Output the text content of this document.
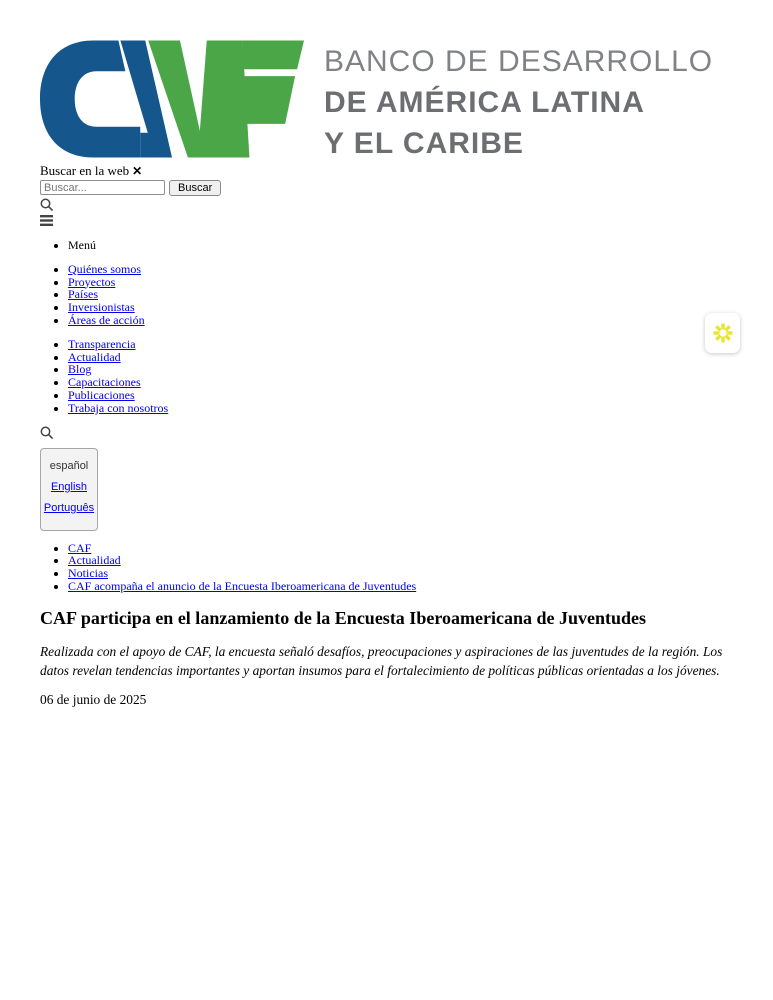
BANCO DE DESARROLLO
DE AMÉRICA LATINA
Y EL CARIBE
Buscar en la web ✕
Buscar...
Buscar
• Menú
• Quiénes somos
• Proyectos
• Países
• Inversionistas
• Áreas de acción
• Transparencia
• Actualidad
• Blog
• Capacitaciones
• Publicaciones
• Trabaja con nosotros
español
English
Português
• CAF
• Actualidad
• Noticias
• CAF acompaña el anuncio de la Encuesta Iberoamericana de Juventudes
CAF participa en el lanzamiento de la Encuesta Iberoamericana de Juventudes

Realizada con el apoyo de CAF, la encuesta señaló desafíos, preocupaciones y aspiraciones de las juventudes de la región. Los datos revelan tendencias importantes y aportan insumos para el fortalecimiento de políticas públicas orientadas a los jóvenes.

06 de junio de 2025
